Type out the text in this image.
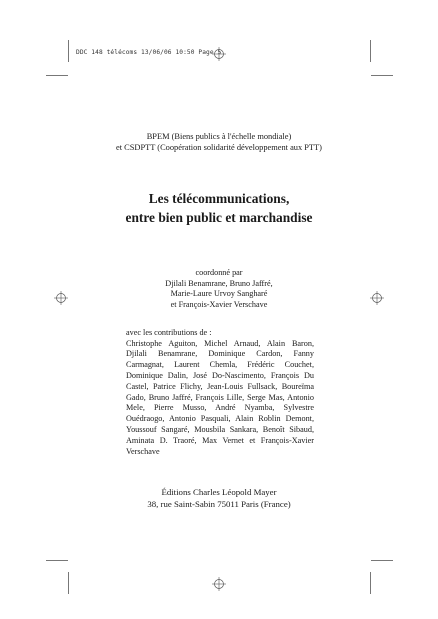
DDC 148 télécoms 13/06/06 10:50 Page 5
BPEM (Biens publics à l'échelle mondiale)
et CSDPTT (Coopération solidarité développement aux PTT)
Les télécommunications,
entre bien public et marchandise
coordonné par
Djilali Benamrane, Bruno Jaffré,
Marie-Laure Urvoy Sangharé
et François-Xavier Verschave
avec les contributions de :
Christophe Aguiton, Michel Arnaud, Alain Baron,
Djilali Benamrane, Dominique Cardon, Fanny
Carmagnat, Laurent Chemla, Frédéric Couchet,
Dominique Dalin, José Do-Nascimento, François Du
Castel, Patrice Flichy, Jean-Louis Fullsack, Boureïma
Gado, Bruno Jaffré, François Lille, Serge Mas, Antonio
Mele, Pierre Musso, André Nyamba, Sylvestre
Ouédraogo, Antonio Pasquali, Alain Roblin Demont,
Youssouf Sangaré, Mousbila Sankara, Benoît Sibaud,
Aminata D. Traoré, Max Vernet et François-Xavier
Verschave
Éditions Charles Léopold Mayer
38, rue Saint-Sabin 75011 Paris (France)
